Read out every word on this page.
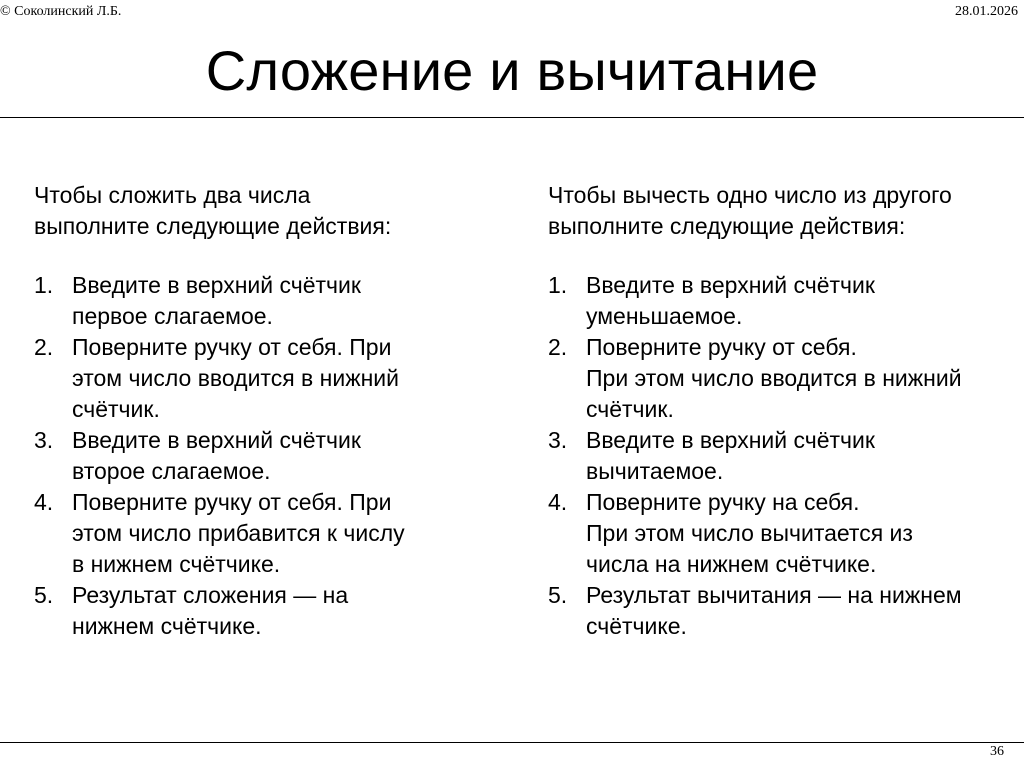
© Соколинский Л.Б.	28.01.2026
Сложение и вычитание

Чтобы сложить два числа
выполните следующие действия:

1. Введите в верхний счётчик
первое слагаемое.
2. Поверните ручку от себя. При
этом число вводится в нижний
счётчик.
3. Введите в верхний счётчик
второе слагаемое.
4. Поверните ручку от себя. При
этом число прибавится к числу
в нижнем счётчике.
5. Результат сложения — на
нижнем счётчике.

Чтобы вычесть одно число из другого
выполните следующие действия:

1. Введите в верхний счётчик
уменьшаемое.
2. Поверните ручку от себя.
При этом число вводится в нижний
счётчик.
3. Введите в верхний счётчик
вычитаемое.
4. Поверните ручку на себя.
При этом число вычитается из
числа на нижнем счётчике.
5. Результат вычитания — на нижнем
счётчике.
36
